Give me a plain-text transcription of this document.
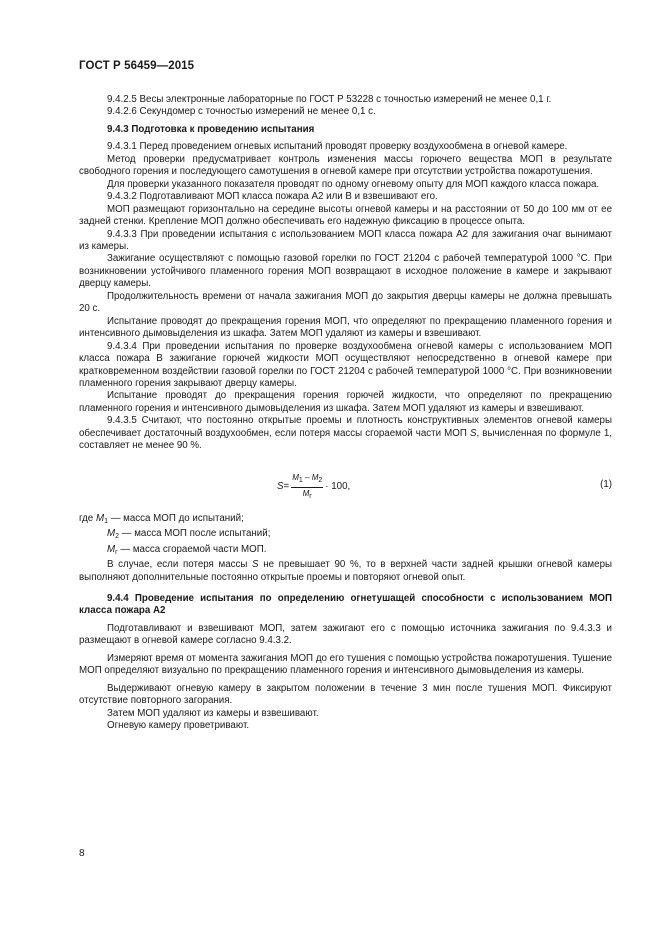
ГОСТ Р 56459—2015

9.4.2.5 Весы электронные лабораторные по ГОСТ Р 53228 с точностью измерений не менее 0,1 г.

9.4.2.6 Секундомер с точностью измерений не менее 0,1 с.

9.4.3 Подготовка к проведению испытания

9.4.3.1 Перед проведением огневых испытаний проводят проверку воздухообмена в огневой камере.

Метод проверки предусматривает контроль изменения массы горючего вещества МОП в результате свободного горения и последующего самотушения в огневой камере при отсутствии устройства пожаротушения.

Для проверки указанного показателя проводят по одному огневому опыту для МОП каждого класса пожара.

9.4.3.2 Подготавливают МОП класса пожара А2 или В и взвешивают его.

МОП размещают горизонтально на середине высоты огневой камеры и на расстоянии от 50 до 100 мм от ее задней стенки. Крепление МОП должно обеспечивать его надежную фиксацию в процессе опыта.

9.4.3.3 При проведении испытания с использованием МОП класса пожара А2 для зажигания очаг вынимают из камеры.

Зажигание осуществляют с помощью газовой горелки по ГОСТ 21204 с рабочей температурой 1000 °С. При возникновении устойчивого пламенного горения МОП возвращают в исходное положение в камере и закрывают дверцу камеры.

Продолжительность времени от начала зажигания МОП до закрытия дверцы камеры не должна превышать 20 с.

Испытание проводят до прекращения горения МОП, что определяют по прекращению пламенного горения и интенсивного дымовыделения из шкафа. Затем МОП удаляют из камеры и взвешивают.

9.4.3.4 При проведении испытания по проверке воздухообмена огневой камеры с использованием МОП класса пожара В зажигание горючей жидкости МОП осуществляют непосредственно в огневой камере при кратковременном воздействии газовой горелки по ГОСТ 21204 с рабочей температурой 1000 °С. При возникновении пламенного горения закрывают дверцу камеры.

Испытание проводят до прекращения горения горючей жидкости, что определяют по прекращению пламенного горения и интенсивного дымовыделения из шкафа. Затем МОП удаляют из камеры и взвешивают.

9.4.3.5 Считают, что постоянно открытые проемы и плотность конструктивных элементов огневой камеры обеспечивает достаточный воздухообмен, если потеря массы сгораемой части МОП S, вычисленная по формуле 1, составляет не менее 90 %.

$S = \frac{M_1 - M_2}{M_г} \cdot 100$,	(1)
где $M_1$ — масса МОП до испытаний;
$M_2$ — масса МОП после испытаний;
$M_г$ — масса сгораемой части МОП.

В случае, если потеря массы S не превышает 90 %, то в верхней части задней крышки огневой камеры выполняют дополнительные постоянно открытые проемы и повторяют огневой опыт.

9.4.4 Проведение испытания по определению огнетушащей способности с использованием МОП класса пожара А2

Подготавливают и взвешивают МОП, затем зажигают его с помощью источника зажигания по 9.4.3.3 и размещают в огневой камере согласно 9.4.3.2.

Измеряют время от момента зажигания МОП до его тушения с помощью устройства пожаротушения. Тушение МОП определяют визуально по прекращению пламенного горения и интенсивного дымовыделения из камеры.

Выдерживают огневую камеру в закрытом положении в течение 3 мин после тушения МОП. Фиксируют отсутствие повторного загорания.

Затем МОП удаляют из камеры и взвешивают.

Огневую камеру проветривают.

8
